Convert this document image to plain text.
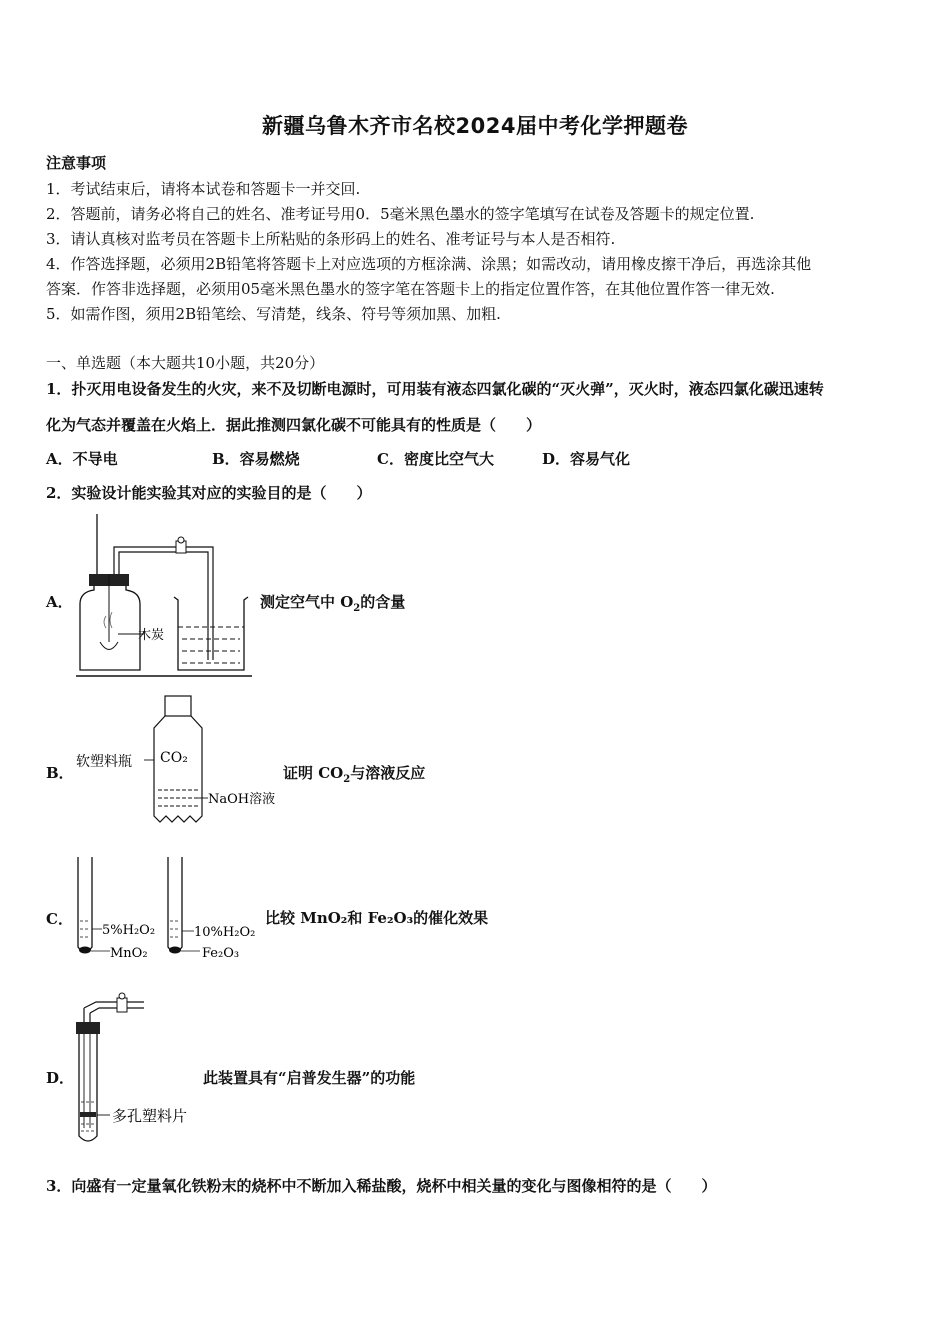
新疆乌鲁木齐市名校2024届中考化学押题卷
注意事项
1．考试结束后，请将本试卷和答题卡一并交回.
2．答题前，请务必将自己的姓名、准考证号用0．5毫米黑色墨水的签字笔填写在试卷及答题卡的规定位置.
3．请认真核对监考员在答题卡上所粘贴的条形码上的姓名、准考证号与本人是否相符.
4．作答选择题，必须用2B铅笔将答题卡上对应选项的方框涂满、涂黑；如需改动，请用橡皮擦干净后，再选涂其他
答案．作答非选择题，必须用05毫米黑色墨水的签字笔在答题卡上的指定位置作答，在其他位置作答一律无效.
5．如需作图，须用2B铅笔绘、写清楚，线条、符号等须加黑、加粗.
一、单选题（本大题共10小题，共20分）
1．扑灭用电设备发生的火灾，来不及切断电源时，可用装有液态四氯化碳的“灭火弹”，灭火时，液态四氯化碳迅速转
化为气态并覆盖在火焰上．据此推测四氯化碳不可能具有的性质是（　　）
A．不导电	B．容易燃烧	C．密度比空气大	D．容易气化
2．实验设计能实验其对应的实验目的是（　　）
A．
木炭
测定空气中 $O_2$的含量
B．
软塑料瓶 CO₂
NaOH溶液
证明 $CO_2$与溶液反应
C．
5%H₂O₂
MnO₂
10%H₂O₂
Fe₂O₃
比较 MnO₂和 Fe₂O₃的催化效果
D．
多孔塑料片
此装置具有“启普发生器”的功能
3．向盛有一定量氧化铁粉末的烧杯中不断加入稀盐酸，烧杯中相关量的变化与图像相符的是（　　）
